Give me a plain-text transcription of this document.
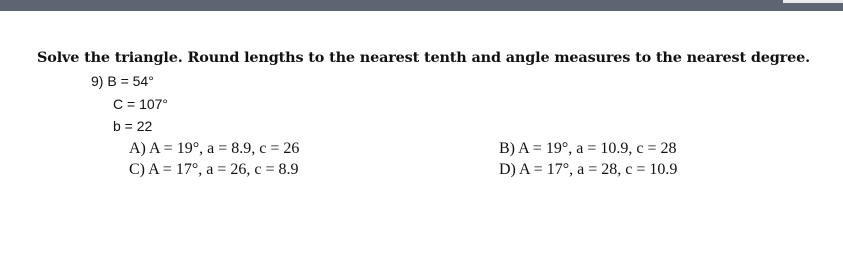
Solve the triangle. Round lengths to the nearest tenth and angle measures to the nearest degree.
9) B = 54°
C = 107°
b = 22
A) A = 19°, a = 8.9, c = 26	B) A = 19°, a = 10.9, c = 28
C) A = 17°, a = 26, c = 8.9	D) A = 17°, a = 28, c = 10.9
